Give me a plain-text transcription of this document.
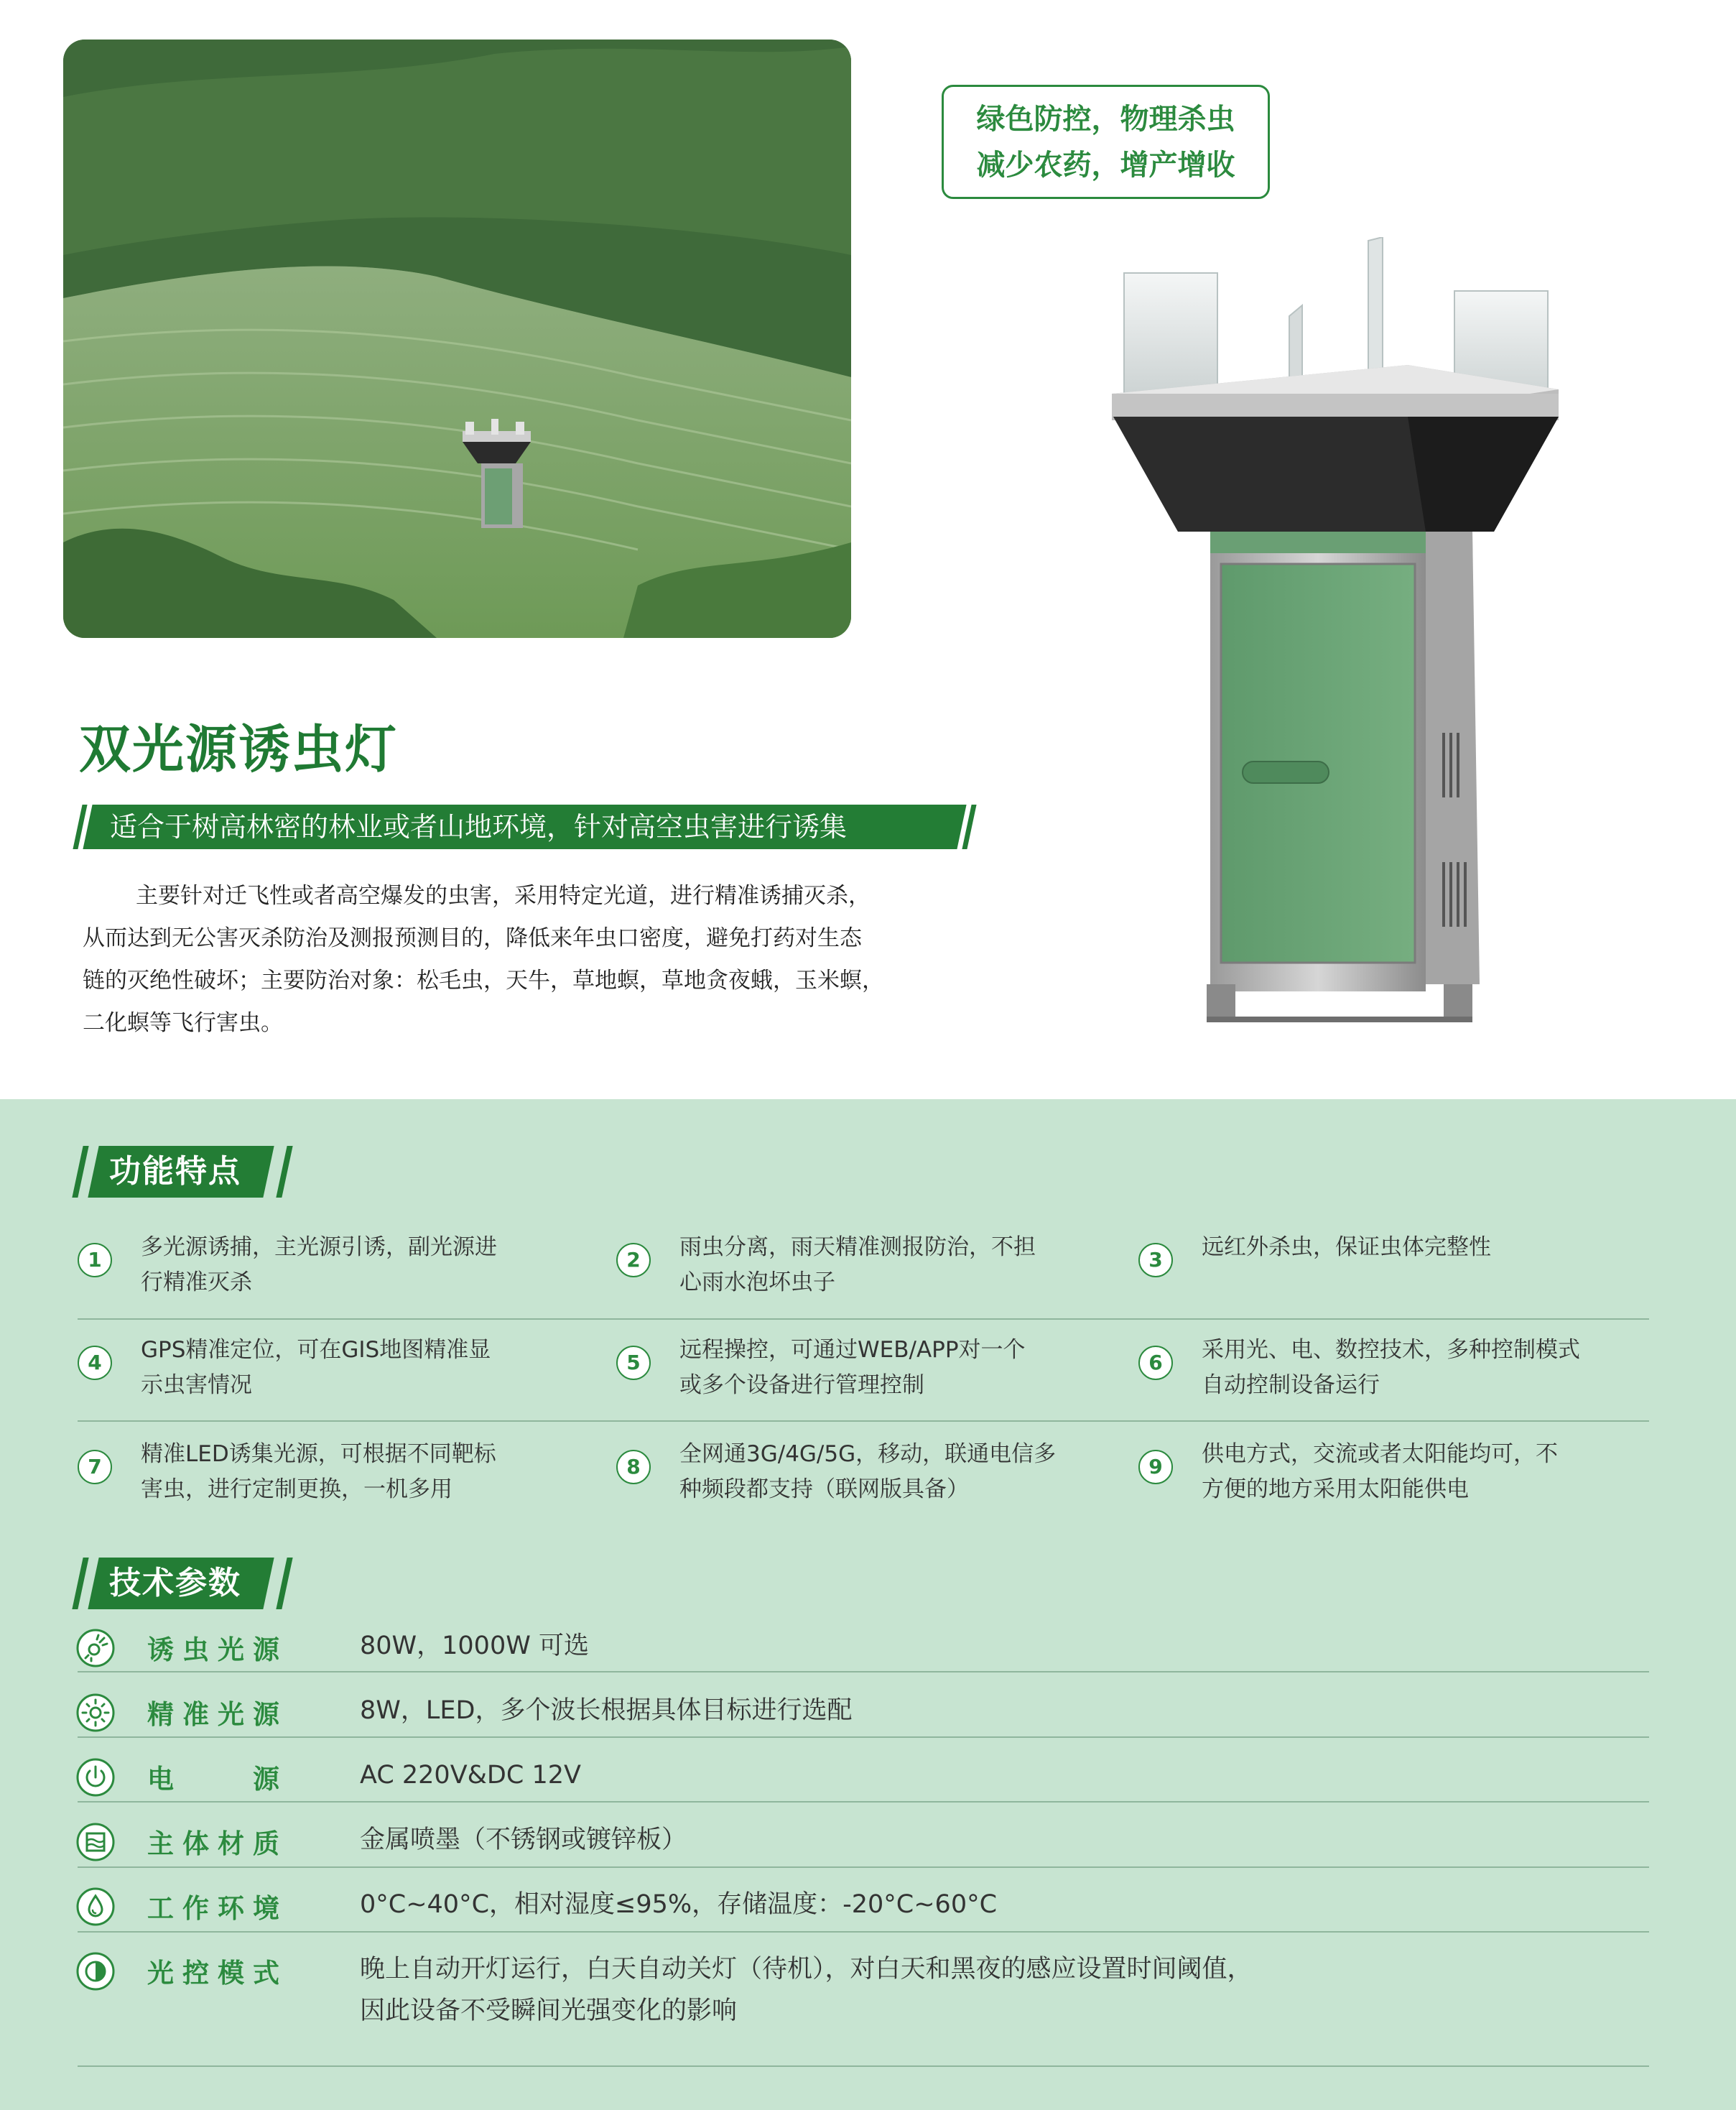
绿色防控，物理杀虫
减少农药，增产增收
双光源诱虫灯
适合于树高林密的林业或者山地环境，针对高空虫害进行诱集

主要针对迁飞性或者高空爆发的虫害，采用特定光道，进行精准诱捕灭杀，

从而达到无公害灭杀防治及测报预测目的，降低来年虫口密度，避免打药对生态

链的灭绝性破坏；主要防治对象：松毛虫，天牛，草地螟，草地贪夜蛾，玉米螟，

二化螟等飞行害虫。

功能特点
1	多光源诱捕，主光源引诱，副光源进
行精准灭杀
2	雨虫分离，雨天精准测报防治，不担
心雨水泡坏虫子
3	远红外杀虫，保证虫体完整性
4	GPS精准定位，可在GIS地图精准显
示虫害情况
5	远程操控，可通过WEB/APP对一个
或多个设备进行管理控制
6	采用光、电、数控技术，多种控制模式
自动控制设备运行
7	精准LED诱集光源，可根据不同靶标
害虫，进行定制更换，一机多用
8	全网通3G/4G/5G，移动，联通电信多
种频段都支持（联网版具备）
9	供电方式，交流或者太阳能均可，不
方便的地方采用太阳能供电
技术参数
诱虫光源	80W，1000W 可选
精准光源	8W，LED，多个波长根据具体目标进行选配
电　　源	AC 220V&DC 12V
主体材质	金属喷墨（不锈钢或镀锌板）
工作环境	0°C~40°C，相对湿度≤95%，存储温度：-20°C~60°C
光控模式	晚上自动开灯运行，白天自动关灯（待机），对白天和黑夜的感应设置时间阈值，
因此设备不受瞬间光强变化的影响
